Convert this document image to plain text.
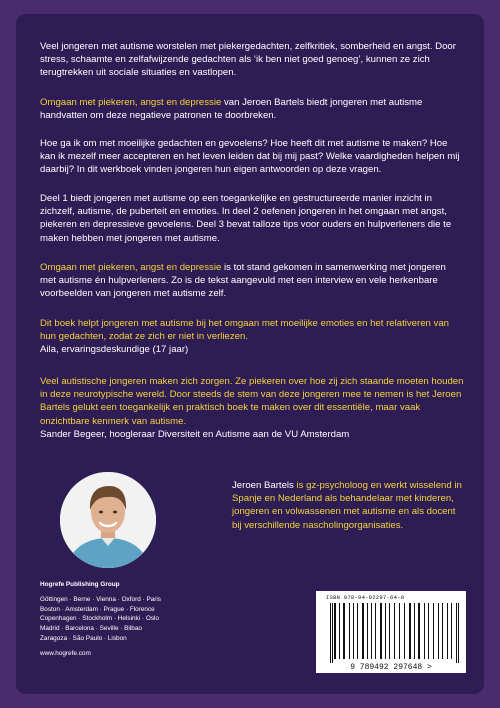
Veel jongeren met autisme worstelen met piekergedachten, zelfkritiek, somberheid en angst. Door stress, schaamte en zelfafwijzende gedachten als ‘ik ben niet goed genoeg’, kunnen ze zich terugtrekken uit sociale situaties en vastlopen.

Omgaan met piekeren, angst en depressie van Jeroen Bartels biedt jongeren met autisme handvatten om deze negatieve patronen te doorbreken.

Hoe ga ik om met moeilijke gedachten en gevoelens? Hoe heeft dit met autisme te maken? Hoe kan ik mezelf meer accepteren en het leven leiden dat bij mij past? Welke vaardigheden helpen mij daarbij? In dit werkboek vinden jongeren hun eigen antwoorden op deze vragen.

Deel 1 biedt jongeren met autisme op een toegankelijke en gestructureerde manier inzicht in zichzelf, autisme, de puberteit en emoties. In deel 2 oefenen jongeren in het omgaan met angst, piekeren en depressieve gevoelens. Deel 3 bevat talloze tips voor ouders en hulpverleners die te maken hebben met jongeren met autisme.

Omgaan met piekeren, angst en depressie is tot stand gekomen in samenwerking met jongeren met autisme én hulpverleners. Zo is de tekst aangevuld met een interview en vele herkenbare voorbeelden van jongeren met autisme zelf.

Dit boek helpt jongeren met autisme bij het omgaan met moeilijke emoties en het relativeren van hun gedachten, zodat ze zich er niet in verliezen.

Aila, ervaringsdeskundige (17 jaar)

Veel autistische jongeren maken zich zorgen. Ze piekeren over hoe zij zich staande moeten houden in deze neurotypische wereld. Door steeds de stem van deze jongeren mee te nemen is het Jeroen Bartels gelukt een toegankelijk en praktisch boek te maken over dit essentiële, maar vaak onzichtbare kenmerk van autisme.

Sander Begeer, hoogleraar Diversiteit en Autisme aan de VU Amsterdam

Jeroen Bartels is gz-psycholoog en werkt wisselend in Spanje en Nederland als behandelaar met kinderen, jongeren en volwassenen met autisme en als docent bij verschillende nascholingorganisaties.
Hogrefe Publishing Group
Göttingen · Berne · Vienna · Oxford · Paris
Boston · Amsterdam · Prague · Florence
Copenhagen · Stockholm · Helsinki · Oslo
Madrid · Barcelona · Seville · Bilbao
Zaragoza · São Paulo · Lisbon
www.hogrefe.com
ISBN 978-94-92297-64-8
9 789492 297648 >
